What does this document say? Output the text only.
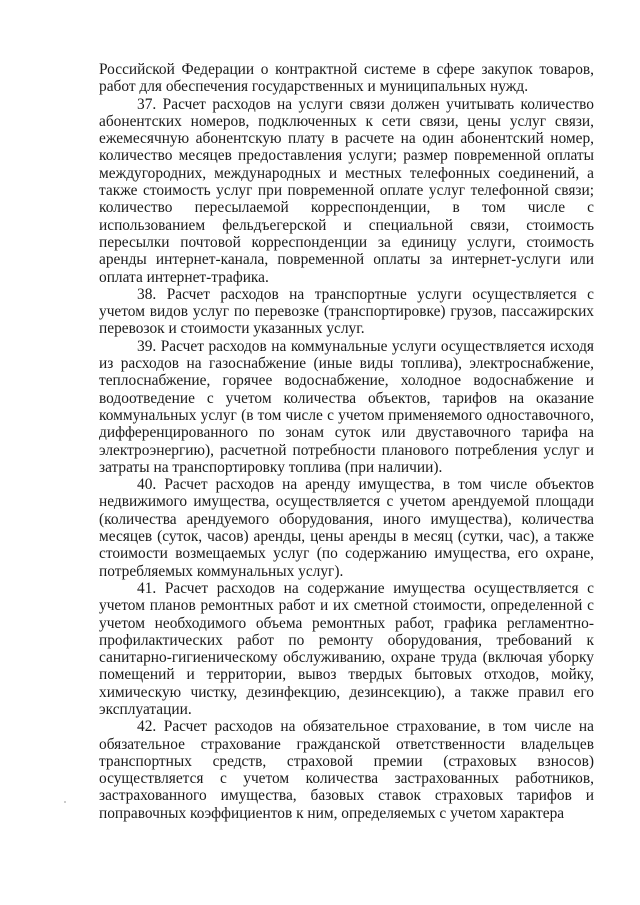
Российской Федерации о контрактной системе в сфере закупок товаров, работ для обеспечения государственных и муниципальных нужд.

37. Расчет расходов на услуги связи должен учитывать количество абонентских номеров, подключенных к сети связи, цены услуг связи, ежемесячную абонентскую плату в расчете на один абонентский номер, количество месяцев предоставления услуги; размер повременной оплаты междугородних, международных и местных телефонных соединений, а также стоимость услуг при повременной оплате услуг телефонной связи; количество пересылаемой корреспонденции, в том числе с использованием фельдъегерской и специальной связи, стоимость пересылки почтовой корреспонденции за единицу услуги, стоимость аренды интернет-канала, повременной оплаты за интернет-услуги или оплата интернет-трафика.

38. Расчет расходов на транспортные услуги осуществляется с учетом видов услуг по перевозке (транспортировке) грузов, пассажирских перевозок и стоимости указанных услуг.

39. Расчет расходов на коммунальные услуги осуществляется исходя из расходов на газоснабжение (иные виды топлива), электроснабжение, теплоснабжение, горячее водоснабжение, холодное водоснабжение и водоотведение с учетом количества объектов, тарифов на оказание коммунальных услуг (в том числе с учетом применяемого одноставочного, дифференцированного по зонам суток или двуставочного тарифа на электроэнергию), расчетной потребности планового потребления услуг и затраты на транспортировку топлива (при наличии).

40. Расчет расходов на аренду имущества, в том числе объектов недвижимого имущества, осуществляется с учетом арендуемой площади (количества арендуемого оборудования, иного имущества), количества месяцев (суток, часов) аренды, цены аренды в месяц (сутки, час), а также стоимости возмещаемых услуг (по содержанию имущества, его охране, потребляемых коммунальных услуг).

41. Расчет расходов на содержание имущества осуществляется с учетом планов ремонтных работ и их сметной стоимости, определенной с учетом необходимого объема ремонтных работ, графика регламентно-профилактических работ по ремонту оборудования, требований к санитарно-гигиеническому обслуживанию, охране труда (включая уборку помещений и территории, вывоз твердых бытовых отходов, мойку, химическую чистку, дезинфекцию, дезинсекцию), а также правил его эксплуатации.

42. Расчет расходов на обязательное страхование, в том числе на обязательное страхование гражданской ответственности владельцев транспортных средств, страховой премии (страховых взносов) осуществляется с учетом количества застрахованных работников, застрахованного имущества, базовых ставок страховых тарифов и поправочных коэффициентов к ним, определяемых с учетом характера
